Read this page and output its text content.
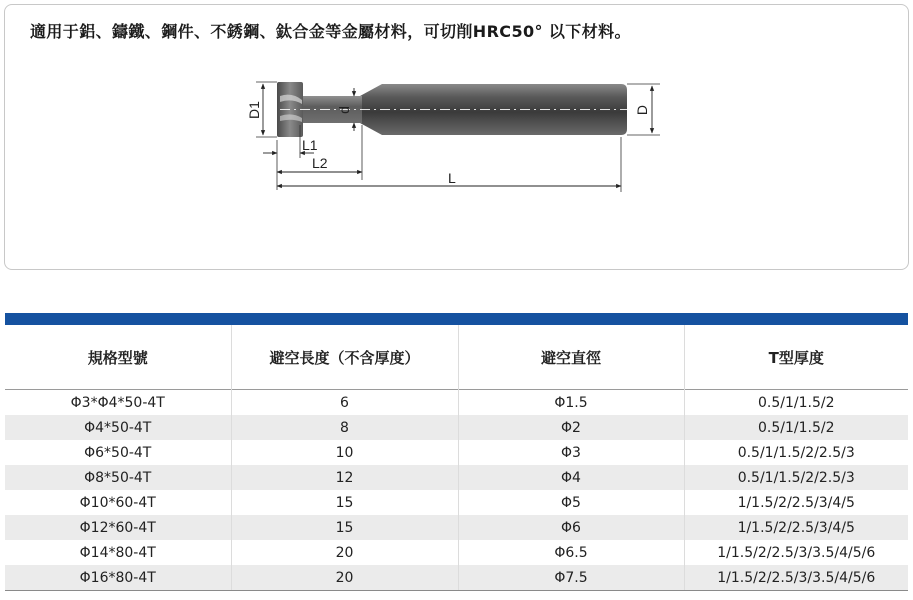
適用于鋁、鑄鐵、鋼件、不銹鋼、鈦合金等金屬材料，可切削HRC50° 以下材料。
D1	d	D
L1
L2
L
規格型號	避空長度（不含厚度）	避空直徑	T型厚度
Φ3*Φ4*50-4T	6	Φ1.5	0.5/1/1.5/2
Φ4*50-4T	8	Φ2	0.5/1/1.5/2
Φ6*50-4T	10	Φ3	0.5/1/1.5/2/2.5/3
Φ8*50-4T	12	Φ4	0.5/1/1.5/2/2.5/3
Φ10*60-4T	15	Φ5	1/1.5/2/2.5/3/4/5
Φ12*60-4T	15	Φ6	1/1.5/2/2.5/3/4/5
Φ14*80-4T	20	Φ6.5	1/1.5/2/2.5/3/3.5/4/5/6
Φ16*80-4T	20	Φ7.5	1/1.5/2/2.5/3/3.5/4/5/6
